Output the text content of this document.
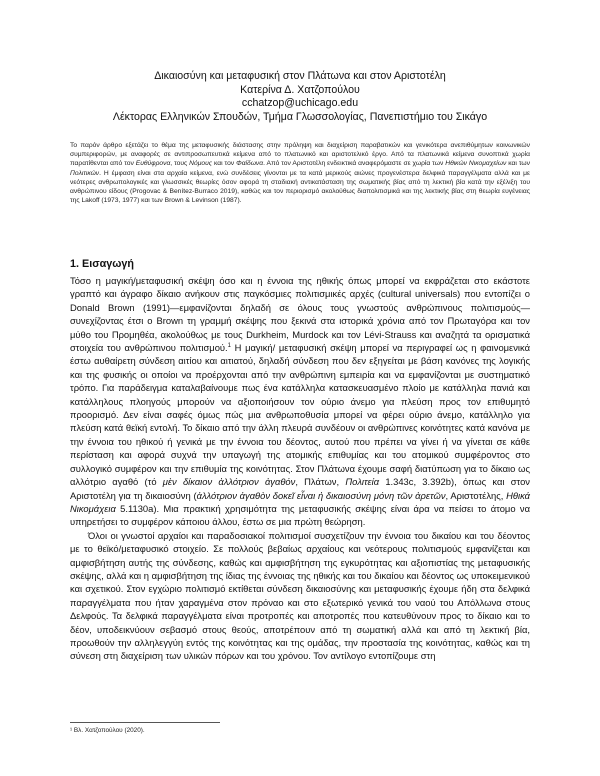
Δικαιοσύνη και μεταφυσική στον Πλάτωνα και στον Αριστοτέλη
Κατερίνα Δ. Χατζοπούλου
cchatzop@uchicago.edu
Λέκτορας Ελληνικών Σπουδών, Τμήμα Γλωσσολογίας, Πανεπιστήμιο του Σικάγο
Το παρόν άρθρο εξετάζει το θέμα της μεταφυσικής διάστασης στην πρόληψη και διαχείριση παραβατικών και γενικότερα ανεπιθύμητων κοινωνικών συμπεριφορών, με αναφορές σε αντιπροσωπευτικά κείμενα από το πλατωνικό και αριστοτελικό έργο. Από τα πλατωνικά κείμενα συνοπτικά χωρία παρατίθενται από τον Ευθύφρονα, τους Νόμους και τον Φαίδωνα. Από τον Αριστοτέλη ενδεικτικά αναφερόμαστε σε χωρία των Ηθικών Νικομαχείων και των Πολιτικών. Η έμφαση είναι στα αρχαία κείμενα, ενώ συνδέσεις γίνονται με τα κατά μερικούς αιώνες προγενέστερα δελφικά παραγγέλματα αλλά και με νεότερες ανθρωπολογικές και γλωσσικές θεωρίες όσον αφορά τη σταδιακή αντικατάσταση της σωματικής βίας από τη λεκτική βία κατά την εξέλιξη του ανθρώπινου είδους (Progovac & Benítez-Burraco 2019), καθώς και τον περιορισμό ακολούθως διαπολιτισμικά και της λεκτικής βίας στη θεωρία ευγένειας της Lakoff (1973, 1977) και των Brown & Levinson (1987).
1. Εισαγωγή

Τόσο η μαγική/μεταφυσική σκέψη όσο και η έννοια της ηθικής όπως μπορεί να εκφράζεται στο εκάστοτε γραπτό και άγραφο δίκαιο ανήκουν στις παγκόσμιες πολιτισμικές αρχές (cultural universals) που εντοπίζει ο Donald Brown (1991)—εμφανίζονται δηλαδή σε όλους τους γνωστούς ανθρώπινους πολιτισμούς—συνεχίζοντας έτσι ο Brown τη γραμμή σκέψης που ξεκινά στα ιστορικά χρόνια από τον Πρωταγόρα και τον μύθο του Προμηθέα, ακολούθως με τους Durkheim, Murdock και τον Lévi-Strauss και αναζητά τα ορισματικά στοιχεία του ανθρώπινου πολιτισμού.$^1$ Η μαγική/ μεταφυσική σκέψη μπορεί να περιγραφεί ως η φαινομενικά έστω αυθαίρετη σύνδεση αιτίου και αιτιατού, δηλαδή σύνδεση που δεν εξηγείται με βάση κανόνες της λογικής και της φυσικής οι οποίοι να προέρχονται από την ανθρώπινη εμπειρία και να εμφανίζονται με συστηματικό τρόπο. Για παράδειγμα καταλαβαίνουμε πως ένα κατάλληλα κατασκευασμένο πλοίο με κατάλληλα πανιά και κατάλληλους πλοηγούς μπορούν να αξιοποιήσουν τον ούριο άνεμο για πλεύση προς τον επιθυμητό προορισμό. Δεν είναι σαφές όμως πώς μια ανθρωποθυσία μπορεί να φέρει ούριο άνεμο, κατάλληλο για πλεύση κατά θεϊκή εντολή. Το δίκαιο από την άλλη πλευρά συνδέουν οι ανθρώπινες κοινότητες κατά κανόνα με την έννοια του ηθικού ή γενικά με την έννοια του δέοντος, αυτού που πρέπει να γίνει ή να γίνεται σε κάθε περίσταση και αφορά συχνά την υπαγωγή της ατομικής επιθυμίας και του ατομικού συμφέροντος στο συλλογικό συμφέρον και την επιθυμία της κοινότητας. Στον Πλάτωνα έχουμε σαφή διατύπωση για το δίκαιο ως αλλότριο αγαθό (τό μὲν δίκαιον ἀλλότριον ἀγαθόν, Πλάτων, Πολιτεία 1.343c, 3.392b), όπως και στον Αριστοτέλη για τη δικαιοσύνη (ἀλλότριον ἀγαθὸν δοκεῖ εἶναι ἡ δικαιοσύνη μόνη τῶν ἀρετῶν, Αριστοτέλης, Ηθικά Νικομάχεια 5.1130a). Μια πρακτική χρησιμότητα της μεταφυσικής σκέψης είναι άρα να πείσει το άτομο να υπηρετήσει το συμφέρον κάποιου άλλου, έστω σε μια πρώτη θεώρηση.

Όλοι οι γνωστοί αρχαίοι και παραδοσιακοί πολιτισμοί συσχετίζουν την έννοια του δικαίου και του δέοντος με το θεϊκό/μεταφυσικό στοιχείο. Σε πολλούς βεβαίως αρχαίους και νεότερους πολιτισμούς εμφανίζεται και αμφισβήτηση αυτής της σύνδεσης, καθώς και αμφισβήτηση της εγκυρότητας και αξιοπιστίας της μεταφυσικής σκέψης, αλλά και η αμφισβήτηση της ίδιας της έννοιας της ηθικής και του δικαίου και δέοντος ως υποκειμενικού και σχετικού. Στον εγχώριο πολιτισμό εκτίθεται σύνδεση δικαιοσύνης και μεταφυσικής έχουμε ήδη στα δελφικά παραγγέλματα που ήταν χαραγμένα στον πρόναο και στο εξωτερικό γενικά του ναού του Απόλλωνα στους Δελφούς. Τα δελφικά παραγγέλματα είναι προτροπές και αποτροπές που κατευθύνουν προς το δίκαιο και το δέον, υποδεικνύουν σεβασμό στους θεούς, αποτρέπουν από τη σωματική αλλά και από τη λεκτική βία, προωθούν την αλληλεγγύη εντός της κοινότητας και της ομάδας, την προστασία της κοινότητας, καθώς και τη σύνεση στη διαχείριση των υλικών πόρων και του χρόνου. Τον αντίλογο εντοπίζουμε στη

¹ Βλ. Χατζοπούλου (2020).
